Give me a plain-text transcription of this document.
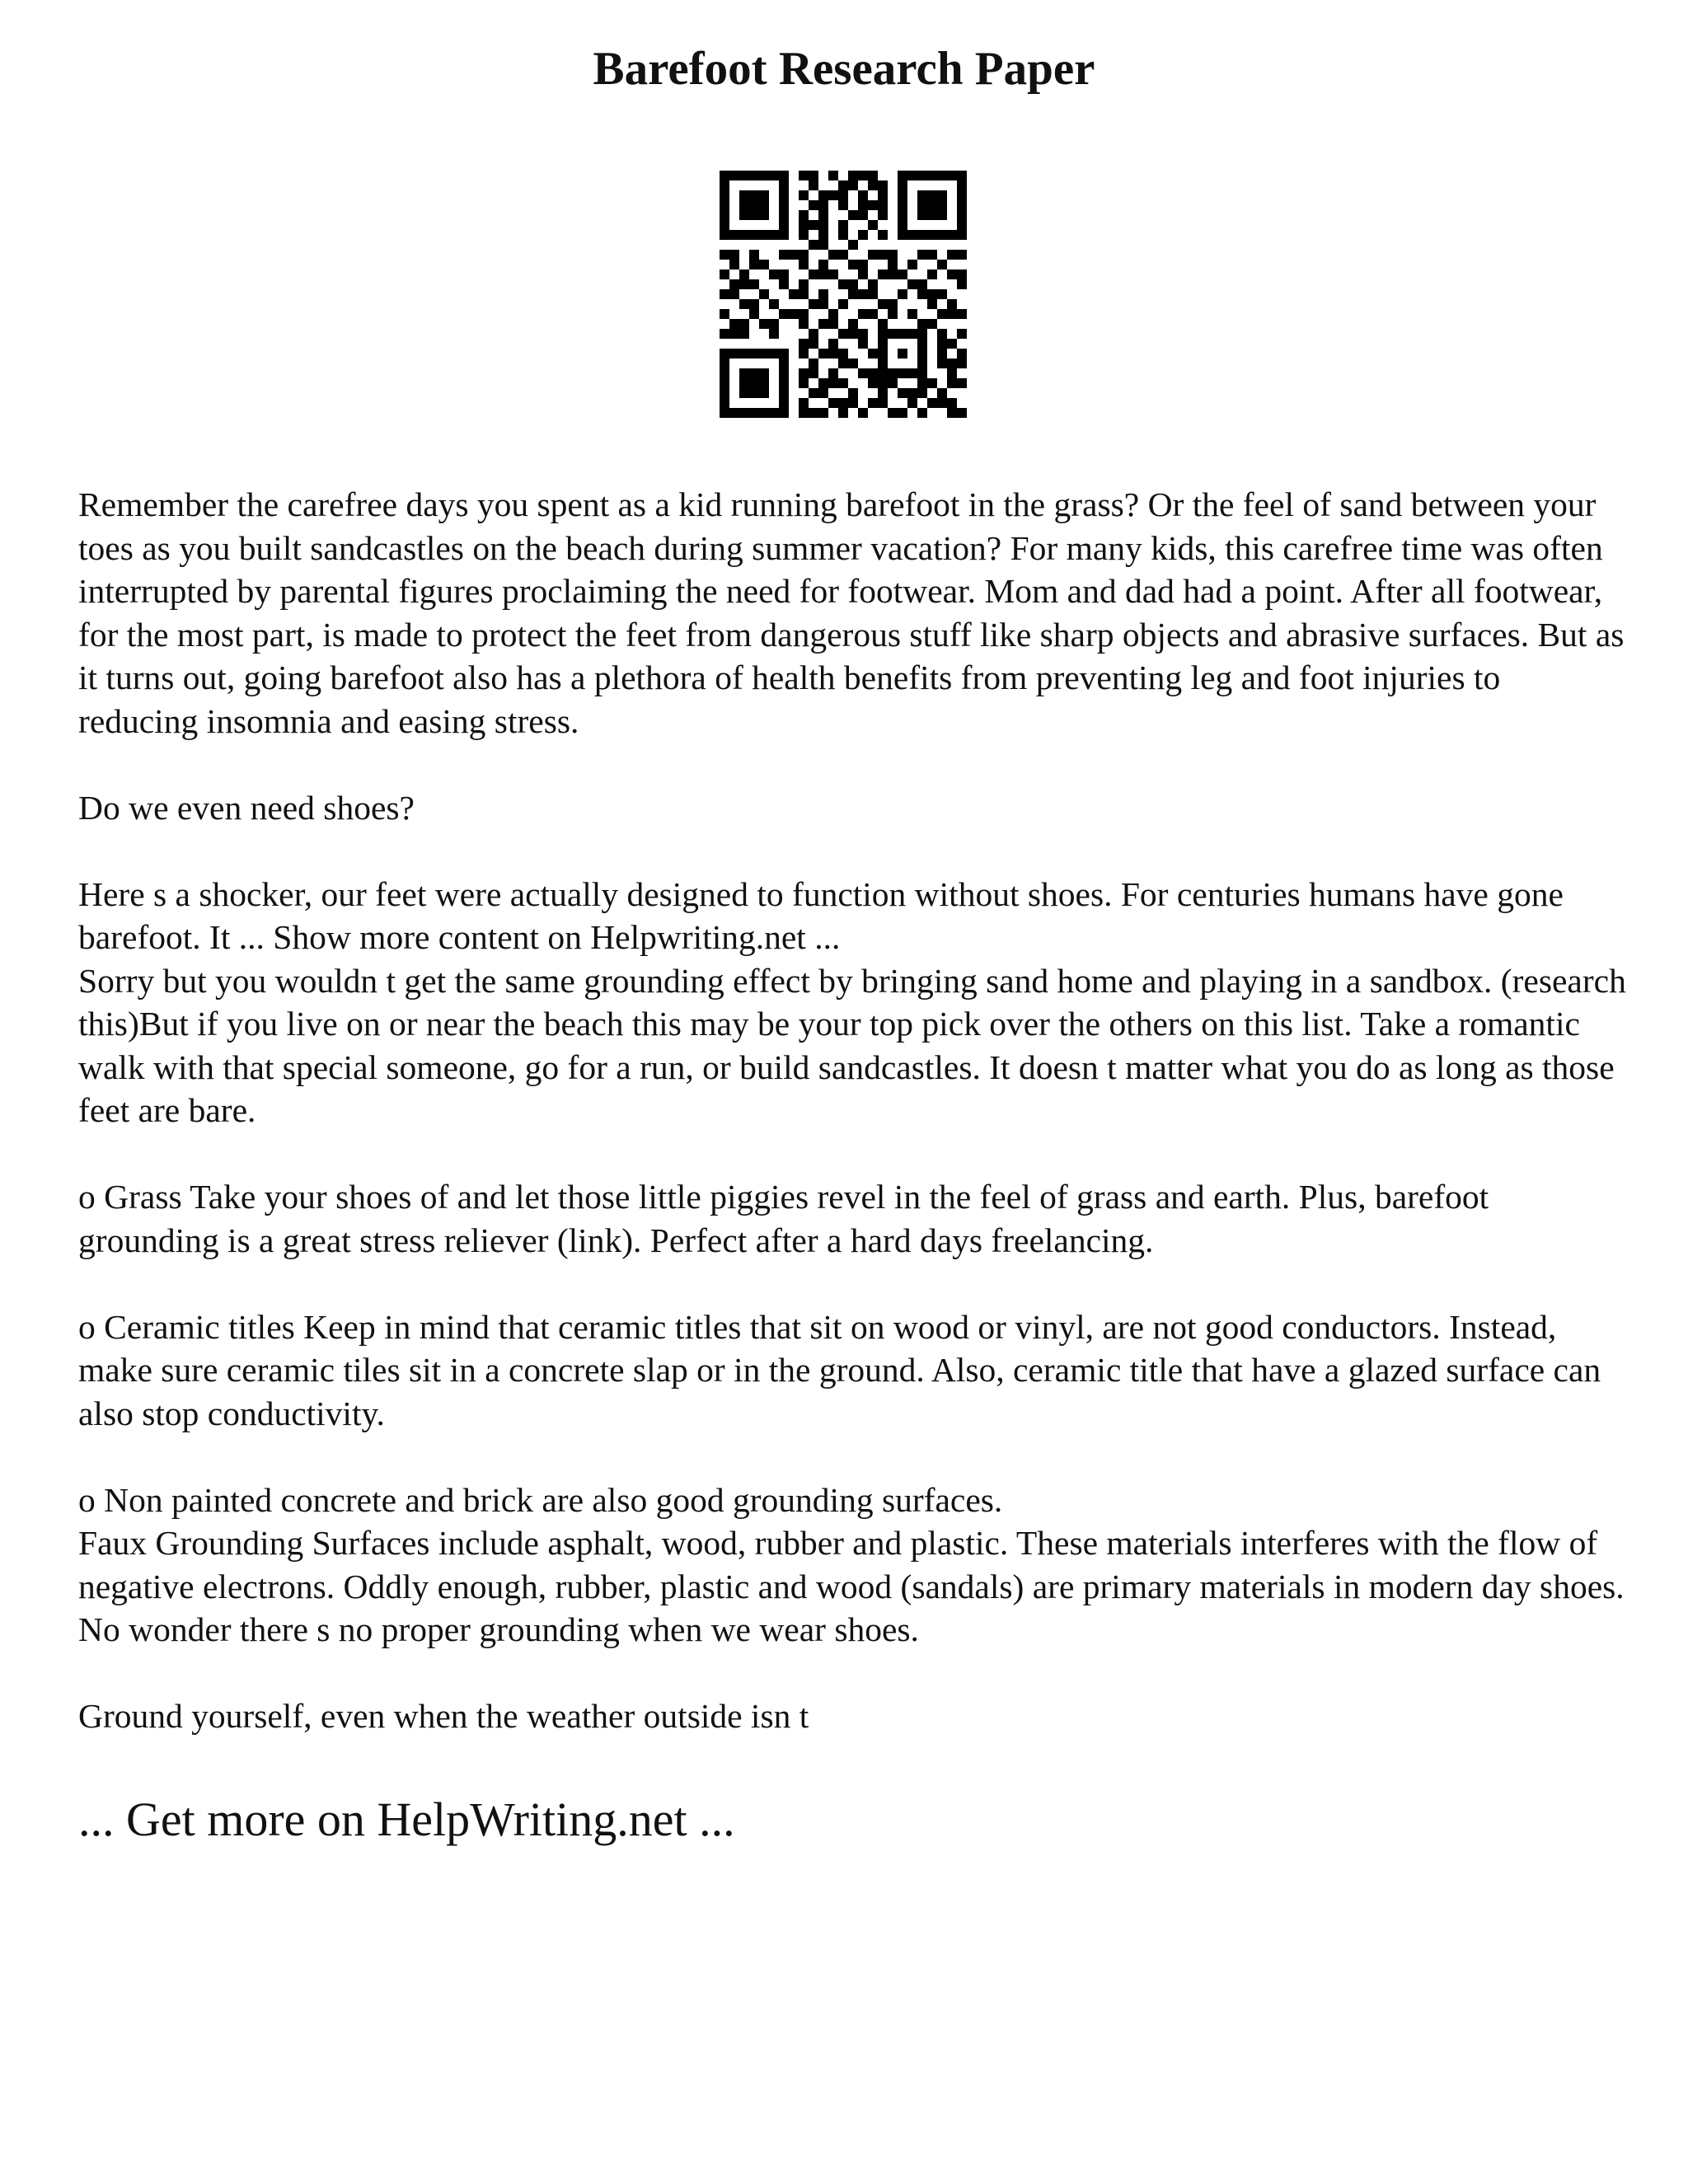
Barefoot Research Paper

Remember the carefree days you spent as a kid running barefoot in the grass? Or the feel of sand between your toes as you built sandcastles on the beach during summer vacation? For many kids, this carefree time was often interrupted by parental figures proclaiming the need for footwear. Mom and dad had a point. After all footwear, for the most part, is made to protect the feet from dangerous stuff like sharp objects and abrasive surfaces. But as it turns out, going barefoot also has a plethora of health benefits from preventing leg and foot injuries to reducing insomnia and easing stress.

Do we even need shoes?

Here s a shocker, our feet were actually designed to function without shoes. For centuries humans have gone barefoot. It ... Show more content on Helpwriting.net ...

Sorry but you wouldn t get the same grounding effect by bringing sand home and playing in a sandbox. (research this)But if you live on or near the beach this may be your top pick over the others on this list. Take a romantic walk with that special someone, go for a run, or build sandcastles. It doesn t matter what you do as long as those feet are bare.

o Grass Take your shoes of and let those little piggies revel in the feel of grass and earth. Plus, barefoot grounding is a great stress reliever (link). Perfect after a hard days freelancing.

o Ceramic titles Keep in mind that ceramic titles that sit on wood or vinyl, are not good conductors. Instead, make sure ceramic tiles sit in a concrete slap or in the ground. Also, ceramic title that have a glazed surface can also stop conductivity.

o Non painted concrete and brick are also good grounding surfaces.

Faux Grounding Surfaces include asphalt, wood, rubber and plastic. These materials interferes with the flow of negative electrons. Oddly enough, rubber, plastic and wood (sandals) are primary materials in modern day shoes. No wonder there s no proper grounding when we wear shoes.

Ground yourself, even when the weather outside isn t

... Get more on HelpWriting.net ...
